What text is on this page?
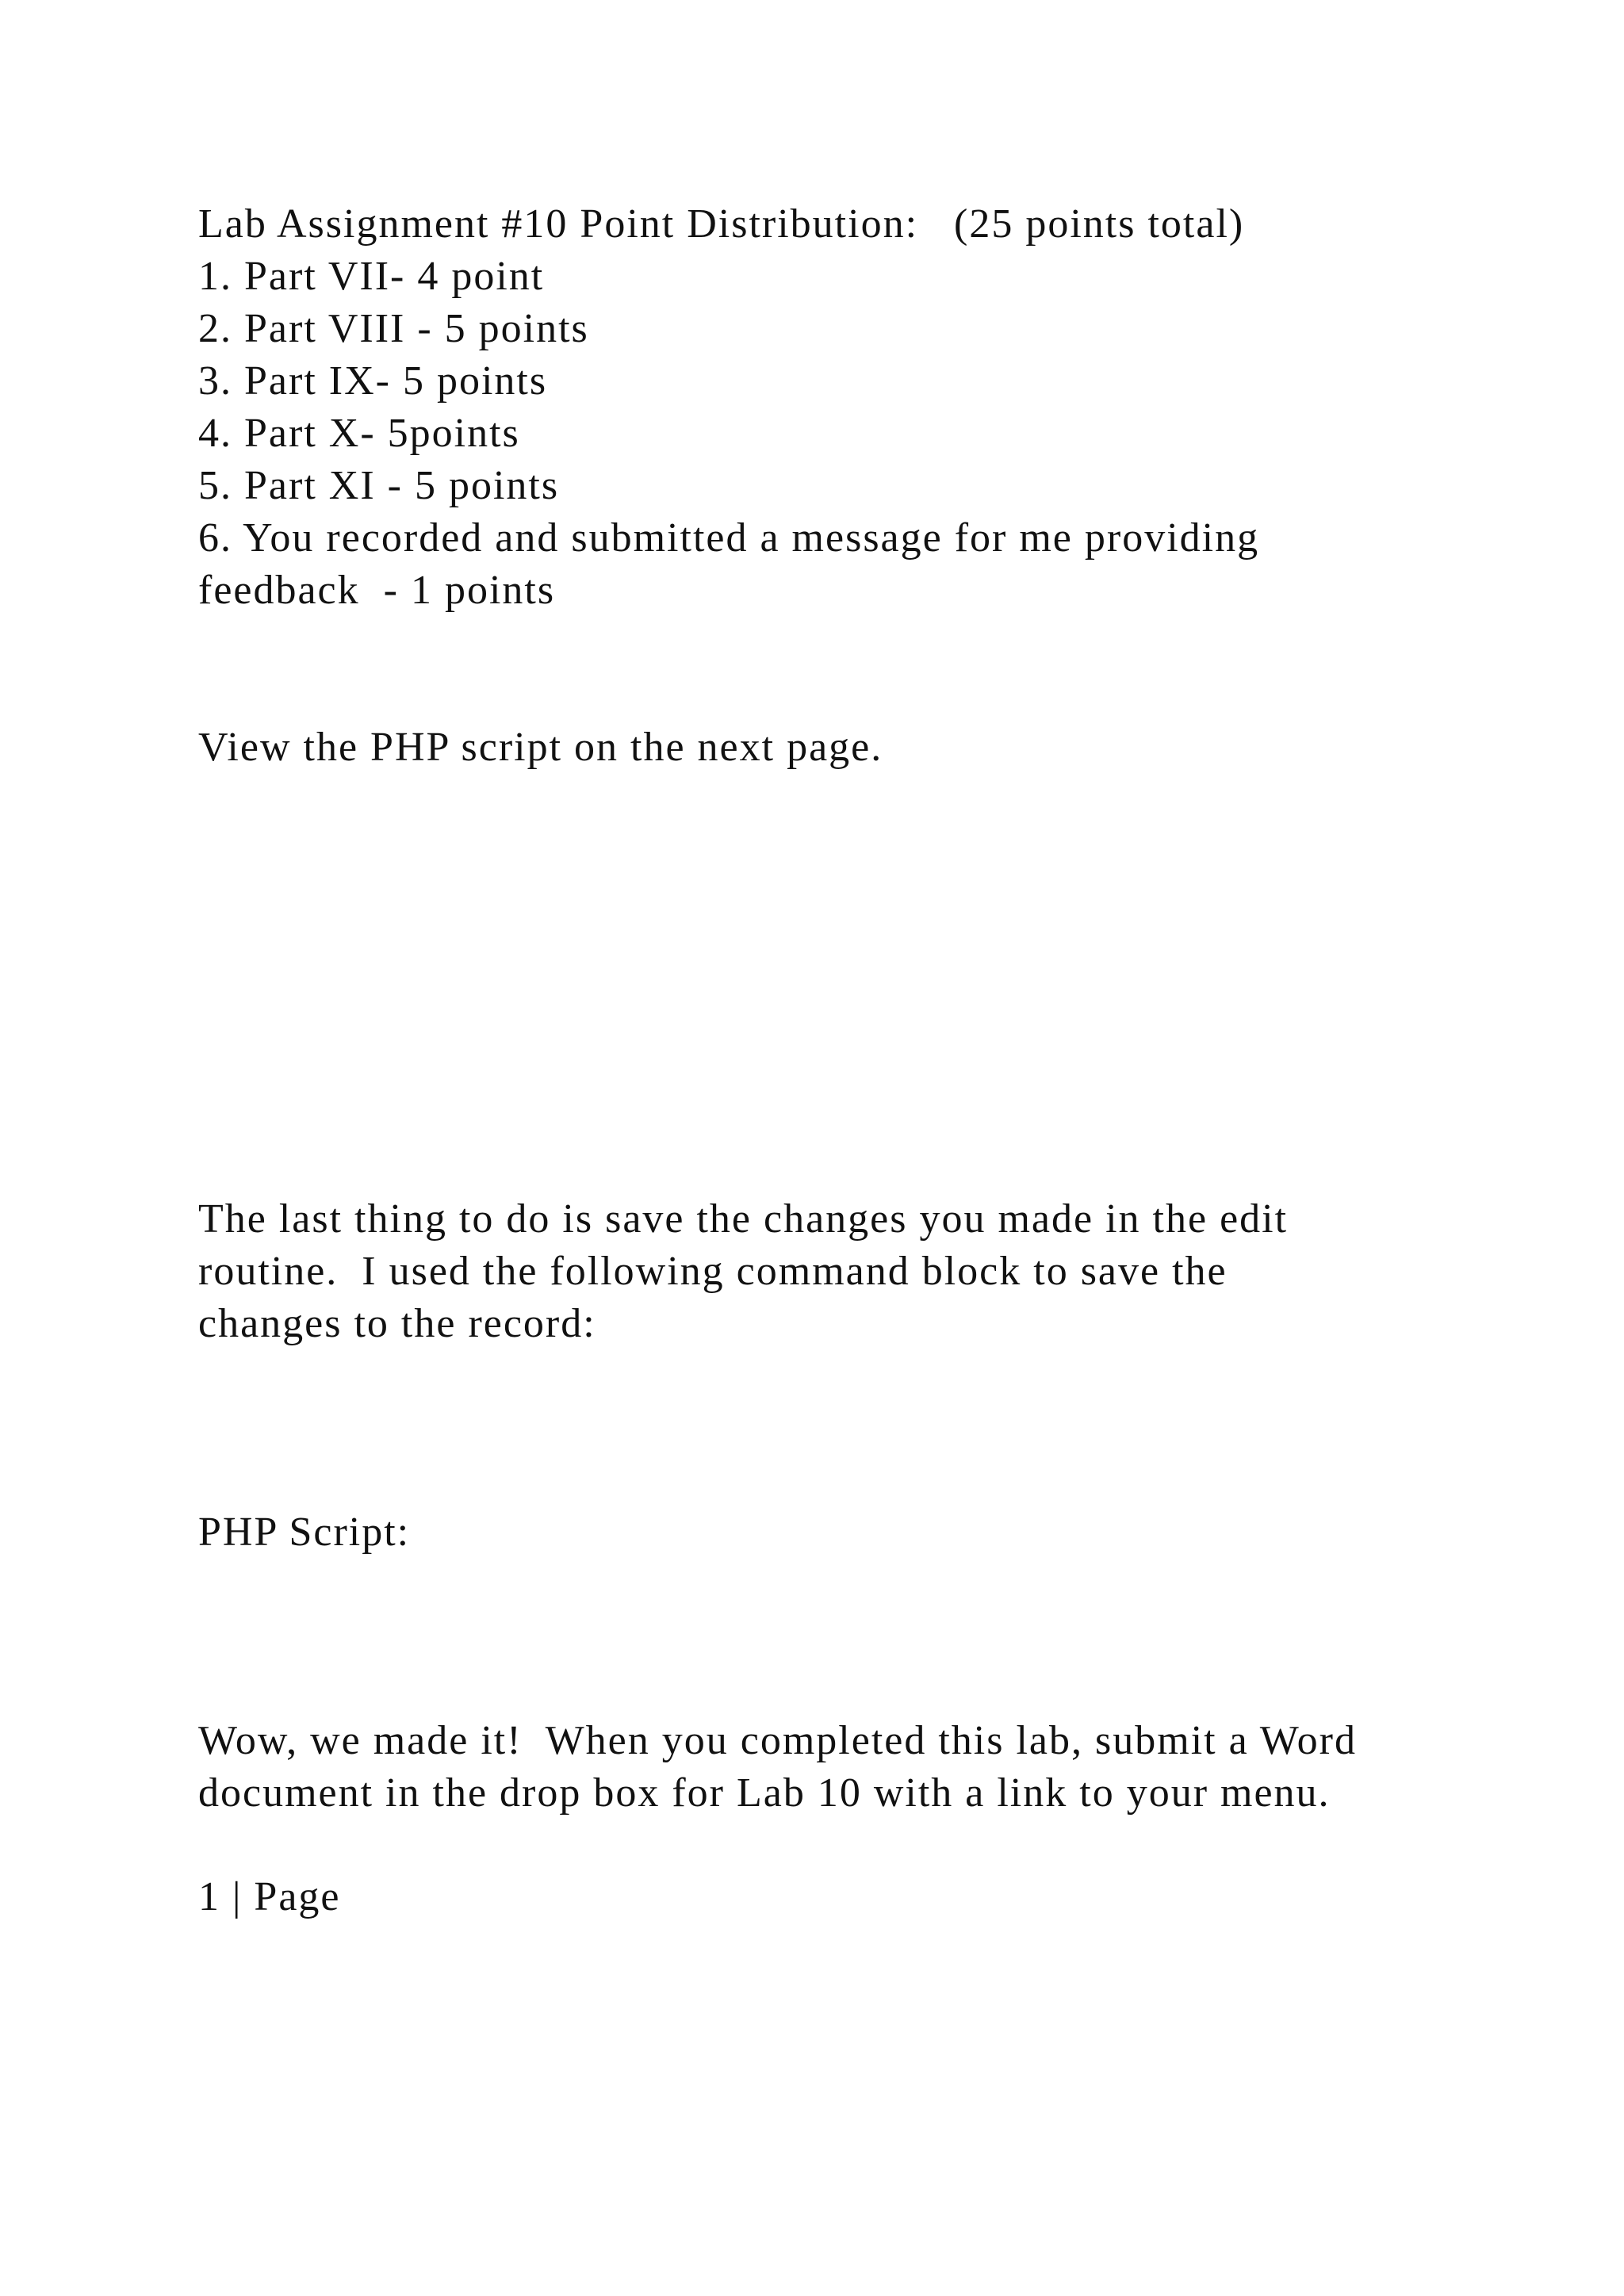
Lab Assignment #10 Point Distribution:   (25 points total)
1. Part VII- 4 point
2. Part VIII - 5 points
3. Part IX- 5 points
4. Part X- 5points
5. Part XI - 5 points
6. You recorded and submitted a message for me providing
feedback  - 1 points
View the PHP script on the next page.
The last thing to do is save the changes you made in the edit
routine.  I used the following command block to save the
changes to the record:
PHP Script:
Wow, we made it!  When you completed this lab, submit a Word
document in the drop box for Lab 10 with a link to your menu.
1 | Page
